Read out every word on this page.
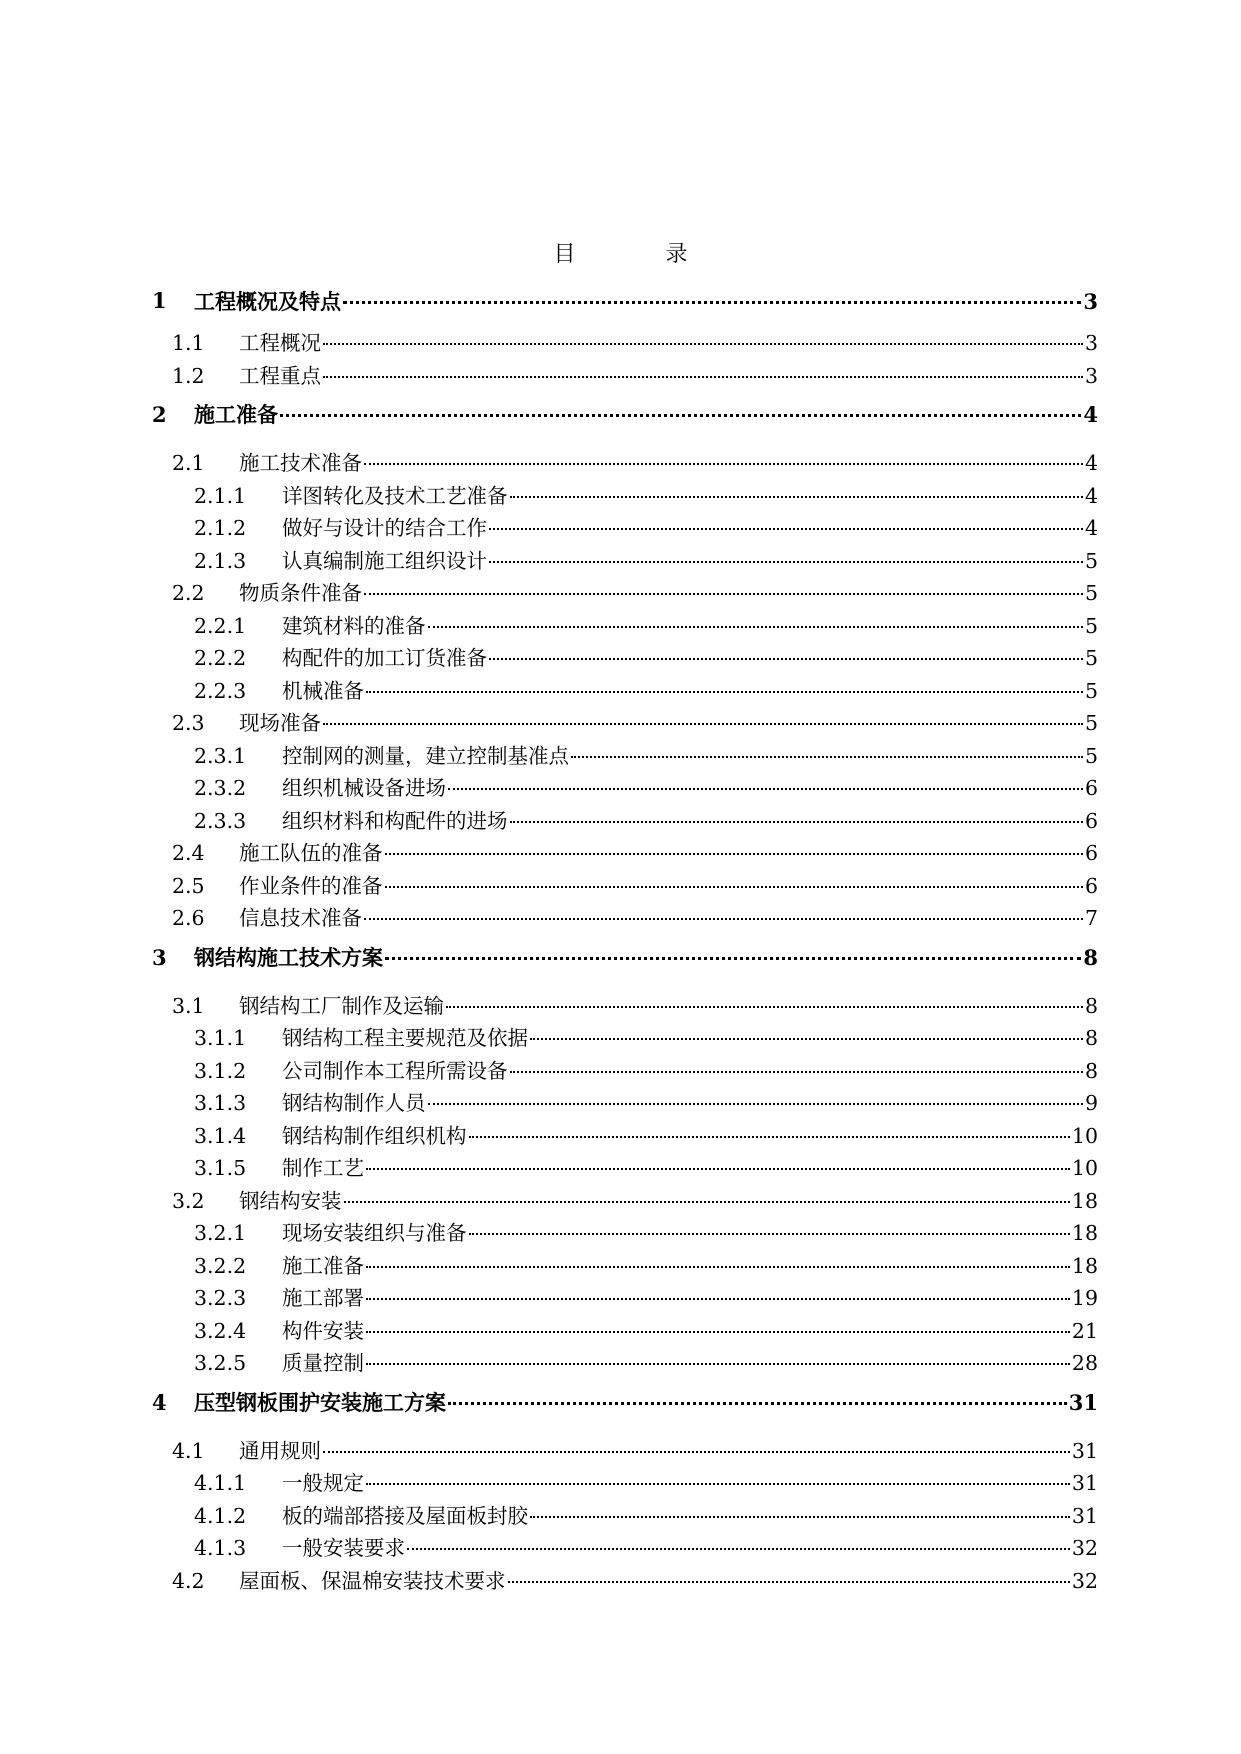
目录
1 工程概况及特点	3
1.1 工程概况	3
1.2 工程重点	3
2 施工准备	4
2.1 施工技术准备	4
2.1.1 详图转化及技术工艺准备	4
2.1.2 做好与设计的结合工作	4
2.1.3 认真编制施工组织设计	5
2.2 物质条件准备	5
2.2.1 建筑材料的准备	5
2.2.2 构配件的加工订货准备	5
2.2.3 机械准备	5
2.3 现场准备	5
2.3.1 控制网的测量，建立控制基准点	5
2.3.2 组织机械设备进场	6
2.3.3 组织材料和构配件的进场	6
2.4 施工队伍的准备	6
2.5 作业条件的准备	6
2.6 信息技术准备	7
3 钢结构施工技术方案	8
3.1 钢结构工厂制作及运输	8
3.1.1 钢结构工程主要规范及依据	8
3.1.2 公司制作本工程所需设备	8
3.1.3 钢结构制作人员	9
3.1.4 钢结构制作组织机构	10
3.1.5 制作工艺	10
3.2 钢结构安装	18
3.2.1 现场安装组织与准备	18
3.2.2 施工准备	18
3.2.3 施工部署	19
3.2.4 构件安装	21
3.2.5 质量控制	28
4 压型钢板围护安装施工方案	31
4.1 通用规则	31
4.1.1 一般规定	31
4.1.2 板的端部搭接及屋面板封胶	31
4.1.3 一般安装要求	32
4.2 屋面板、保温棉安装技术要求	32
